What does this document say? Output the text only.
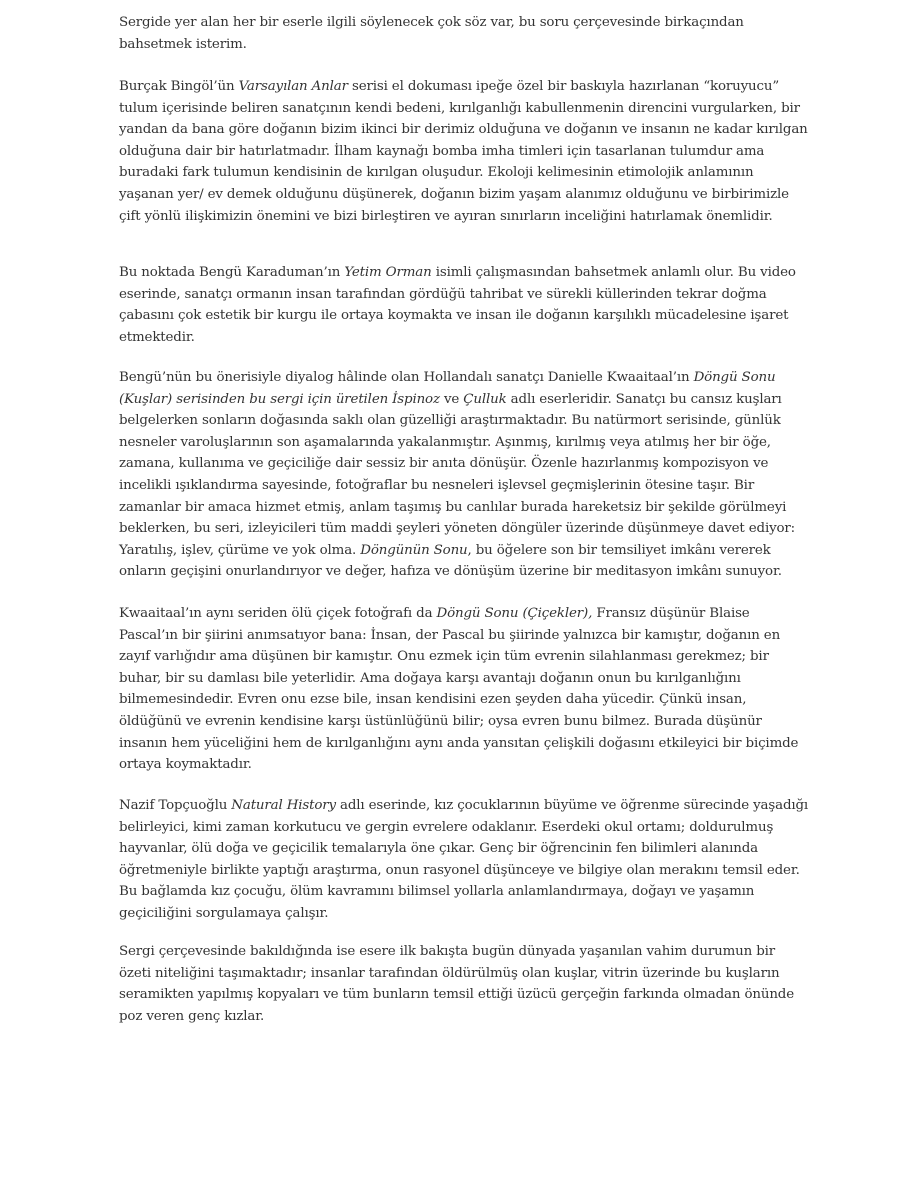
Sergide yer alan her bir eserle ilgili söylenecek çok söz var, bu soru çerçevesinde birkaçından bahsetmek isterim.

Burçak Bingöl’ün Varsayılan Anlar serisi el dokuması ipeğe özel bir baskıyla hazırlanan “koruyucu” tulum içerisinde beliren sanatçının kendi bedeni, kırılganlığı kabullenmenin direncini vurgularken, bir yandan da bana göre doğanın bizim ikinci bir derimiz olduğuna ve doğanın ve insanın ne kadar kırılgan olduğuna dair bir hatırlatmadır. İlham kaynağı bomba imha timleri için tasarlanan tulumdur ama buradaki fark tulumun kendisinin de kırılgan oluşudur. Ekoloji kelimesinin etimolojik anlamının yaşanan yer/ ev demek olduğunu düşünerek, doğanın bizim yaşam alanımız olduğunu ve birbirimizle çift yönlü ilişkimizin önemini ve bizi birleştiren ve ayıran sınırların inceliğini hatırlamak önemlidir.

Bu noktada Bengü Karaduman’ın Yetim Orman isimli çalışmasından bahsetmek anlamlı olur. Bu video eserinde, sanatçı ormanın insan tarafından gördüğü tahribat ve sürekli küllerinden tekrar doğma çabasını çok estetik bir kurgu ile ortaya koymakta ve insan ile doğanın karşılıklı mücadelesine işaret etmektedir.

Bengü’nün bu önerisiyle diyalog hâlinde olan Hollandalı sanatçı Danielle Kwaaitaal’ın Döngü Sonu (Kuşlar) serisinden bu sergi için üretilen İspinoz ve Çulluk adlı eserleridir. Sanatçı bu cansız kuşları belgelerken sonların doğasında saklı olan güzelliği araştırmaktadır. Bu natürmort serisinde, günlük nesneler varoluşlarının son aşamalarında yakalanmıştır. Aşınmış, kırılmış veya atılmış her bir öğe, zamana, kullanıma ve geçiciliğe dair sessiz bir anıta dönüşür. Özenle hazırlanmış kompozisyon ve incelikli ışıklandırma sayesinde, fotoğraflar bu nesneleri işlevsel geçmişlerinin ötesine taşır. Bir zamanlar bir amaca hizmet etmiş, anlam taşımış bu canlılar burada hareketsiz bir şekilde görülmeyi beklerken, bu seri, izleyicileri tüm maddi şeyleri yöneten döngüler üzerinde düşünmeye davet ediyor: Yaratılış, işlev, çürüme ve yok olma. Döngünün Sonu, bu öğelere son bir temsiliyet imkânı vererek onların geçişini onurlandırıyor ve değer, hafıza ve dönüşüm üzerine bir meditasyon imkânı sunuyor.

Kwaaitaal’ın aynı seriden ölü çiçek fotoğrafı da Döngü Sonu (Çiçekler), Fransız düşünür Blaise Pascal’ın bir şiirini anımsatıyor bana: İnsan, der Pascal bu şiirinde yalnızca bir kamıştır, doğanın en zayıf varlığıdır ama düşünen bir kamıştır. Onu ezmek için tüm evrenin silahlanması gerekmez; bir buhar, bir su damlası bile yeterlidir. Ama doğaya karşı avantajı doğanın onun bu kırılganlığını bilmemesindedir. Evren onu ezse bile, insan kendisini ezen şeyden daha yücedir. Çünkü insan, öldüğünü ve evrenin kendisine karşı üstünlüğünü bilir; oysa evren bunu bilmez. Burada düşünür insanın hem yüceliğini hem de kırılganlığını aynı anda yansıtan çelişkili doğasını etkileyici bir biçimde ortaya koymaktadır.

Nazif Topçuoğlu Natural History adlı eserinde, kız çocuklarının büyüme ve öğrenme sürecinde yaşadığı belirleyici, kimi zaman korkutucu ve gergin evrelere odaklanır. Eserdeki okul ortamı; doldurulmuş hayvanlar, ölü doğa ve geçicilik temalarıyla öne çıkar. Genç bir öğrencinin fen bilimleri alanında öğretmeniyle birlikte yaptığı araştırma, onun rasyonel düşünceye ve bilgiye olan merakını temsil eder. Bu bağlamda kız çocuğu, ölüm kavramını bilimsel yollarla anlamlandırmaya, doğayı ve yaşamın geçiciliğini sorgulamaya çalışır.

Sergi çerçevesinde bakıldığında ise esere ilk bakışta bugün dünyada yaşanılan vahim durumun bir özeti niteliğini taşımaktadır; insanlar tarafından öldürülmüş olan kuşlar, vitrin üzerinde bu kuşların seramikten yapılmış kopyaları ve tüm bunların temsil ettiği üzücü gerçeğin farkında olmadan önünde poz veren genç kızlar.
